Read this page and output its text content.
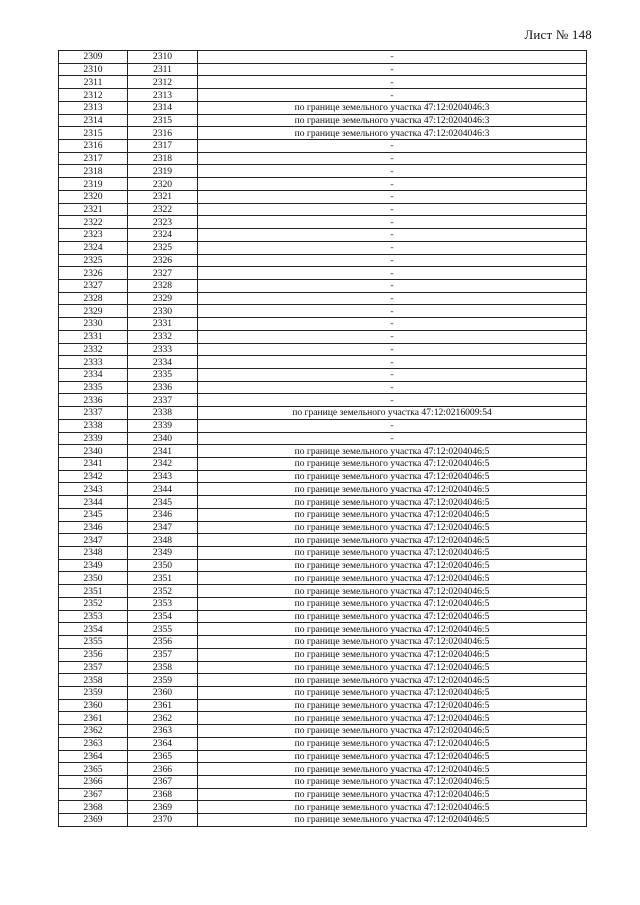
Лист № 148
2309	2310	-
2310	2311	-
2311	2312	-
2312	2313	-
2313	2314	по границе земельного участка 47:12:0204046:3
2314	2315	по границе земельного участка 47:12:0204046:3
2315	2316	по границе земельного участка 47:12:0204046:3
2316	2317	-
2317	2318	-
2318	2319	-
2319	2320	-
2320	2321	-
2321	2322	-
2322	2323	-
2323	2324	-
2324	2325	-
2325	2326	-
2326	2327	-
2327	2328	-
2328	2329	-
2329	2330	-
2330	2331	-
2331	2332	-
2332	2333	-
2333	2334	-
2334	2335	-
2335	2336	-
2336	2337	-
2337	2338	по границе земельного участка 47:12:0216009:54
2338	2339	-
2339	2340	-
2340	2341	по границе земельного участка 47:12:0204046:5
2341	2342	по границе земельного участка 47:12:0204046:5
2342	2343	по границе земельного участка 47:12:0204046:5
2343	2344	по границе земельного участка 47:12:0204046:5
2344	2345	по границе земельного участка 47:12:0204046:5
2345	2346	по границе земельного участка 47:12:0204046:5
2346	2347	по границе земельного участка 47:12:0204046:5
2347	2348	по границе земельного участка 47:12:0204046:5
2348	2349	по границе земельного участка 47:12:0204046:5
2349	2350	по границе земельного участка 47:12:0204046:5
2350	2351	по границе земельного участка 47:12:0204046:5
2351	2352	по границе земельного участка 47:12:0204046:5
2352	2353	по границе земельного участка 47:12:0204046:5
2353	2354	по границе земельного участка 47:12:0204046:5
2354	2355	по границе земельного участка 47:12:0204046:5
2355	2356	по границе земельного участка 47:12:0204046:5
2356	2357	по границе земельного участка 47:12:0204046:5
2357	2358	по границе земельного участка 47:12:0204046:5
2358	2359	по границе земельного участка 47:12:0204046:5
2359	2360	по границе земельного участка 47:12:0204046:5
2360	2361	по границе земельного участка 47:12:0204046:5
2361	2362	по границе земельного участка 47:12:0204046:5
2362	2363	по границе земельного участка 47:12:0204046:5
2363	2364	по границе земельного участка 47:12:0204046:5
2364	2365	по границе земельного участка 47:12:0204046:5
2365	2366	по границе земельного участка 47:12:0204046:5
2366	2367	по границе земельного участка 47:12:0204046:5
2367	2368	по границе земельного участка 47:12:0204046:5
2368	2369	по границе земельного участка 47:12:0204046:5
2369	2370	по границе земельного участка 47:12:0204046:5
